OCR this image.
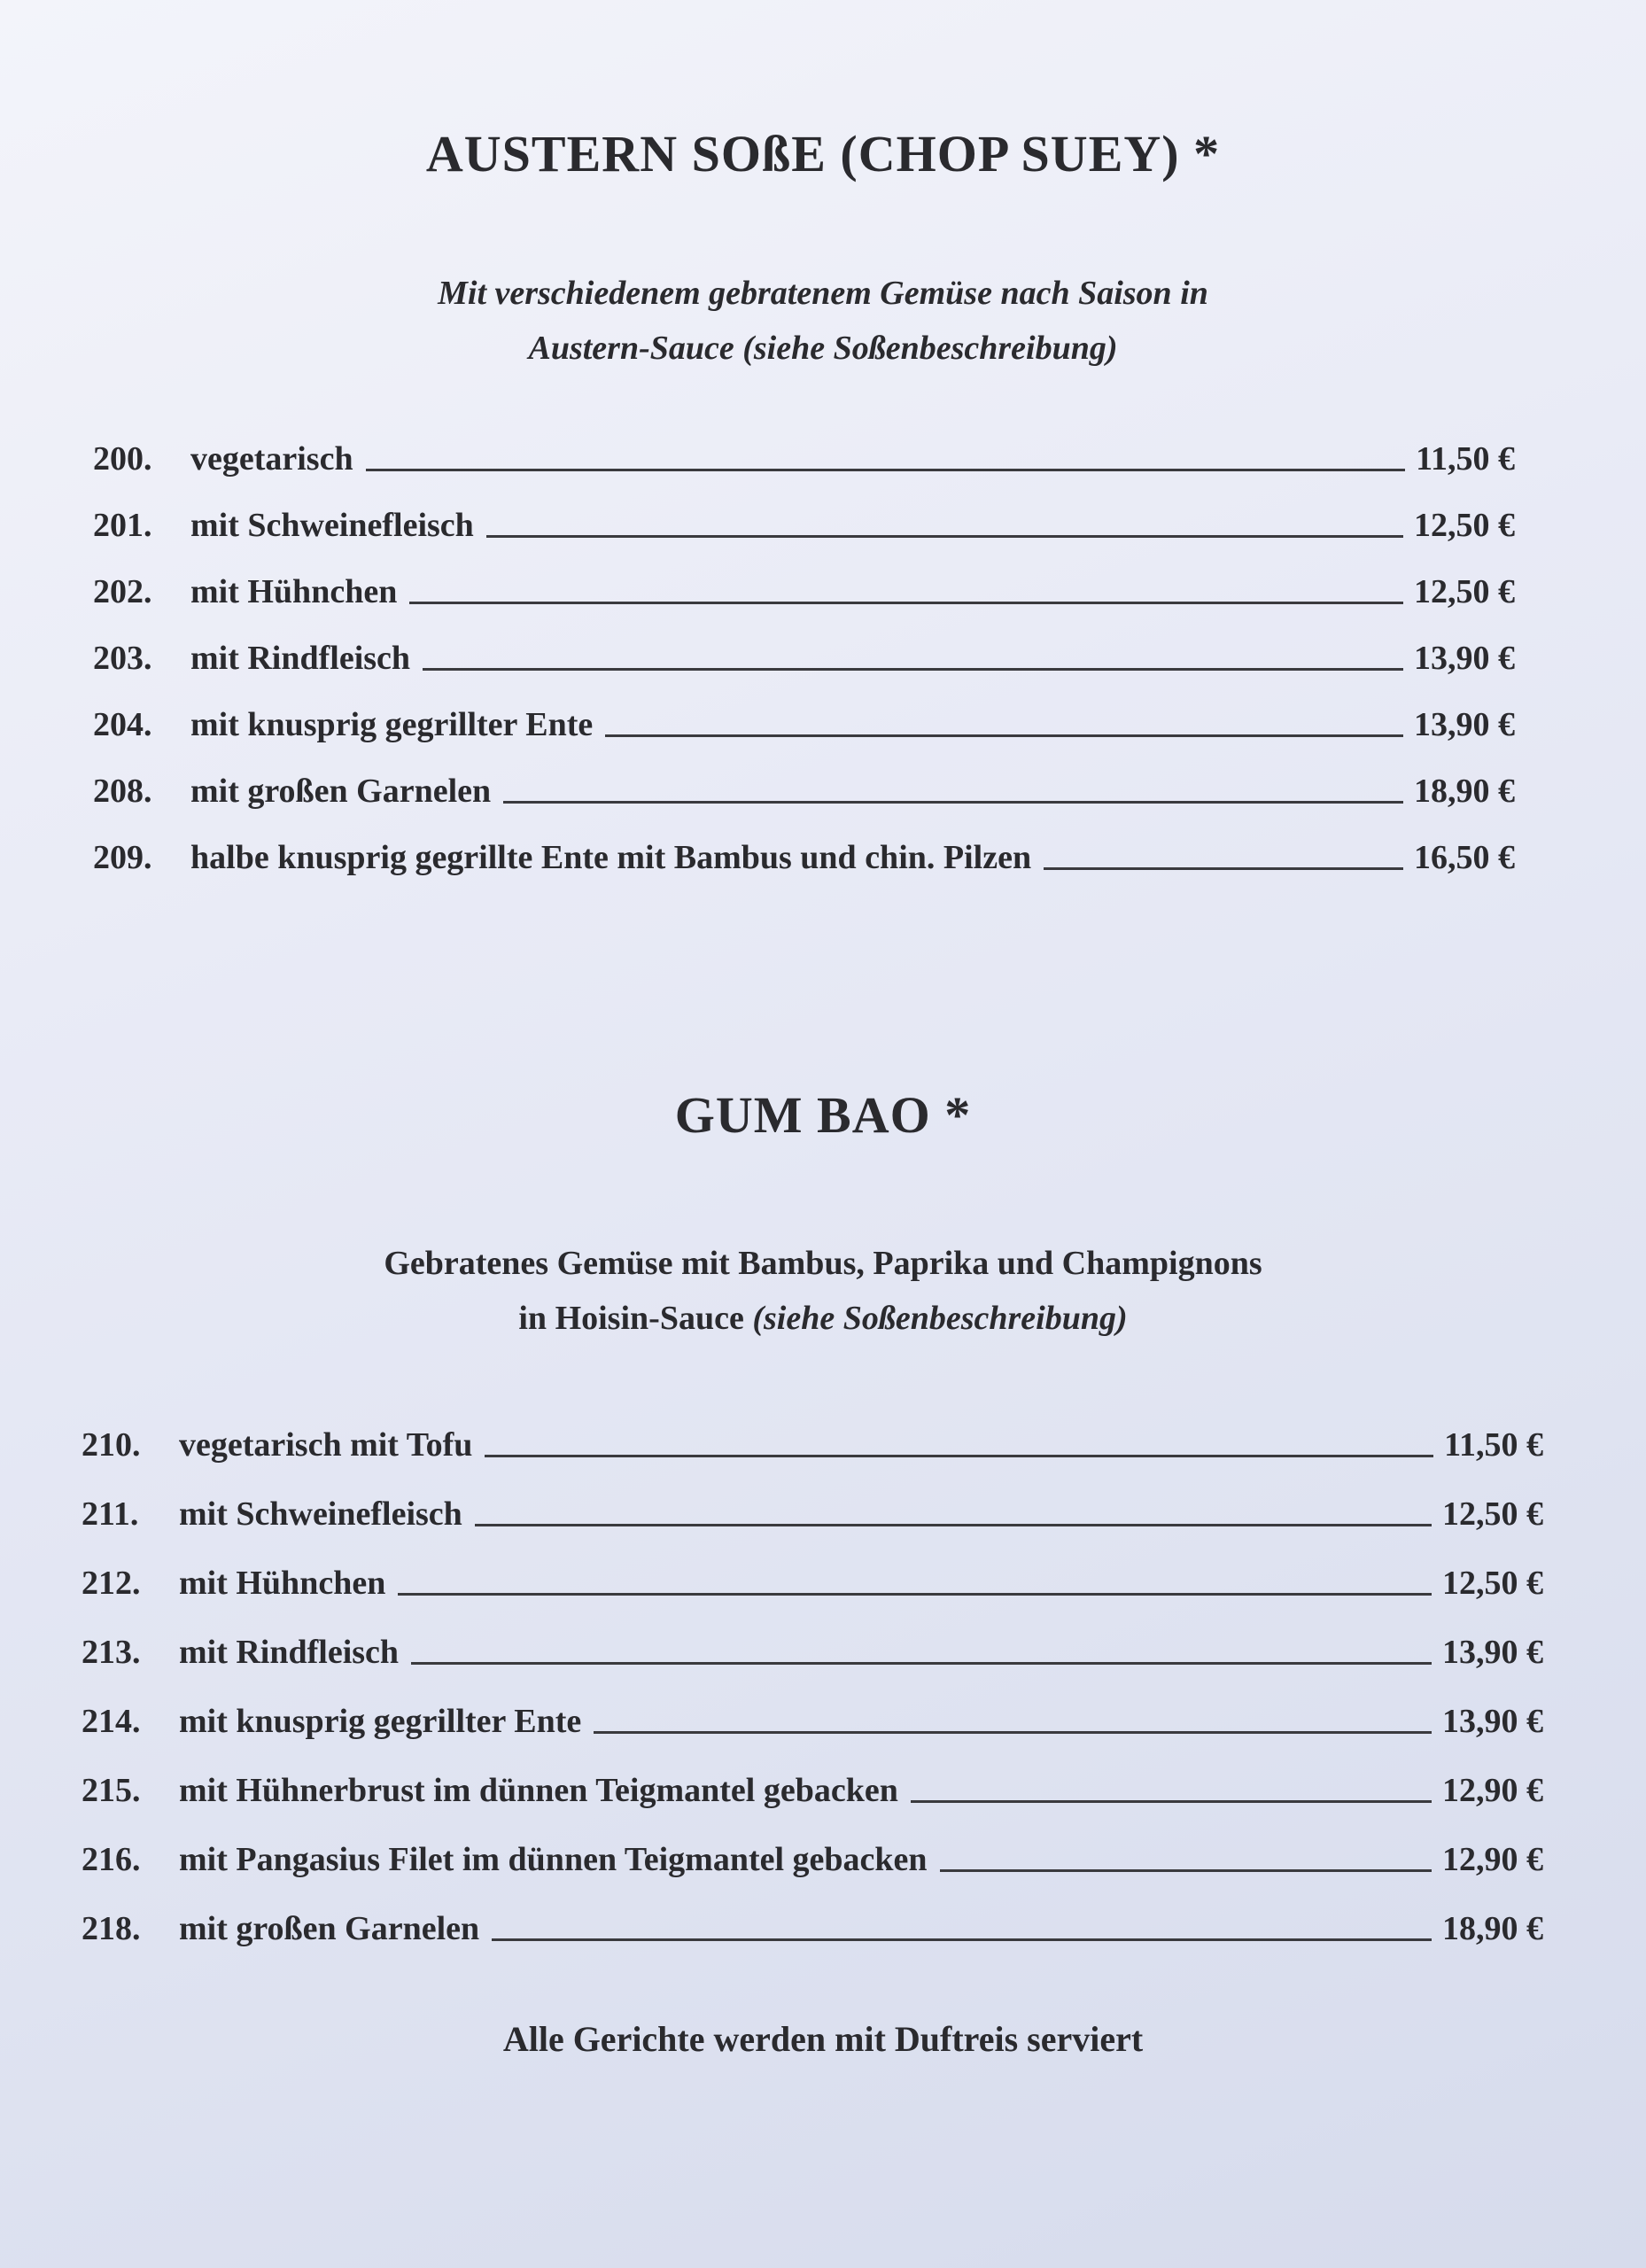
AUSTERN SOßE (CHOP SUEY) *
Mit verschiedenem gebratenem Gemüse nach Saison in
Austern-Sauce (siehe Soßenbeschreibung)
200.	vegetarisch	11,50 €
201.	mit Schweinefleisch	12,50 €
202.	mit Hühnchen	12,50 €
203.	mit Rindfleisch	13,90 €
204.	mit knusprig gegrillter Ente	13,90 €
208.	mit großen Garnelen	18,90 €
209.	halbe knusprig gegrillte Ente mit Bambus und chin. Pilzen	16,50 €
GUM BAO *
Gebratenes Gemüse mit Bambus, Paprika und Champignons
in Hoisin-Sauce (siehe Soßenbeschreibung)
210.	vegetarisch mit Tofu	11,50 €
211.	mit Schweinefleisch	12,50 €
212.	mit Hühnchen	12,50 €
213.	mit Rindfleisch	13,90 €
214.	mit knusprig gegrillter Ente	13,90 €
215.	mit Hühnerbrust im dünnen Teigmantel gebacken	12,90 €
216.	mit Pangasius Filet im dünnen Teigmantel gebacken	12,90 €
218.	mit großen Garnelen	18,90 €
Alle Gerichte werden mit Duftreis serviert
